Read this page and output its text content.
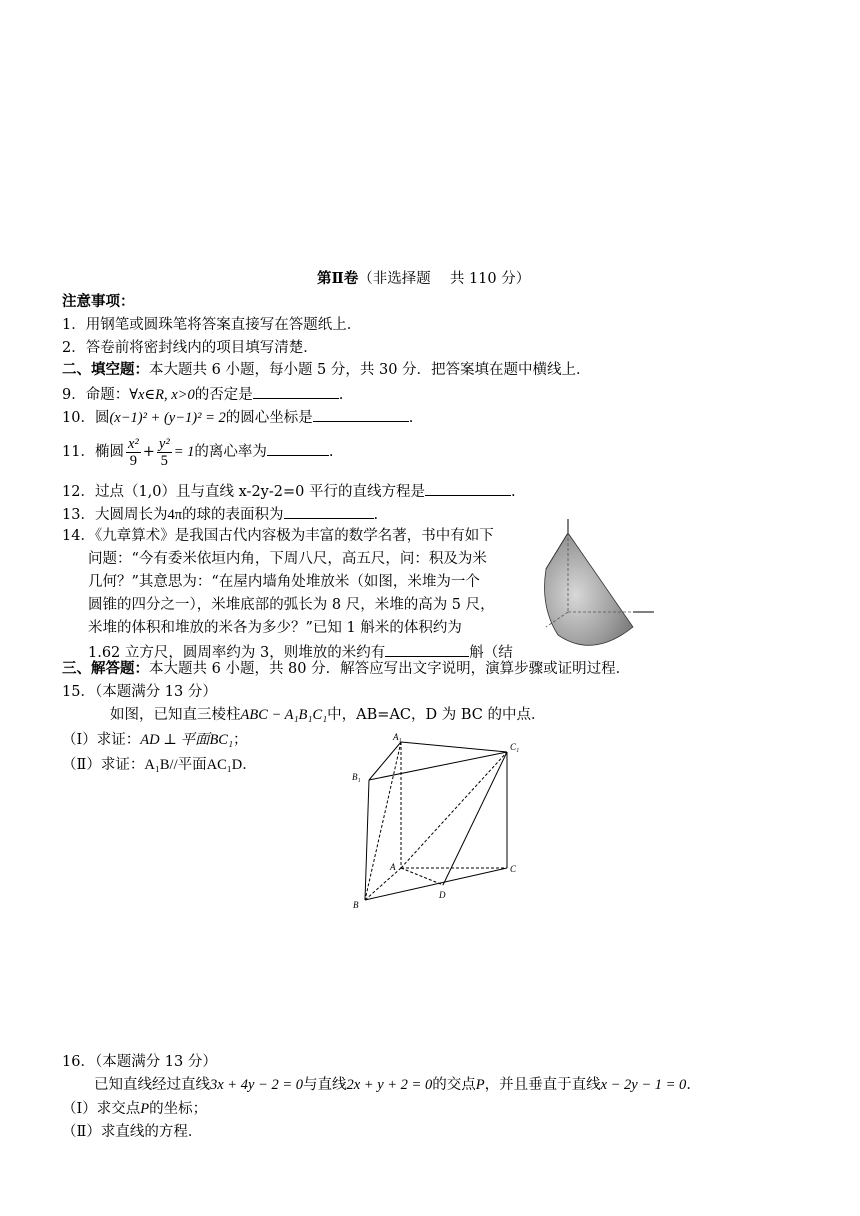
第Ⅱ卷（非选择题　 共 110 分）
注意事项：
1．用钢笔或圆珠笔将答案直接写在答题纸上．
2．答卷前将密封线内的项目填写清楚．
二、填空题：本大题共 6 小题，每小题 5 分，共 30 分．把答案填在题中横线上．
9．命题：∀x∈R, x>0的否定是	.
10．圆(x−1)² + (y−1)² = 2的圆心坐标是	.
11．椭圆 $\frac{\text{x²}}{9} + \frac{\text{y²}}{5} = 1$的离心率为	.
12．过点（1,0）且与直线 x-2y-2=0 平行的直线方程是	.
13．大圆周长为4π的球的表面积为	.
14．《九章算术》是我国古代内容极为丰富的数学名著，书中有如下
问题：“今有委米依垣内角，下周八尺，高五尺，问：积及为米
几何？”其意思为：“在屋内墙角处堆放米（如图，米堆为一个
圆锥的四分之一），米堆底部的弧长为 8 尺，米堆的高为 5 尺，
米堆的体积和堆放的米各为多少？”已知 1 斛米的体积约为
1.62 立方尺，圆周率约为 3，则堆放的米约有	斛（结
三、解答题：本大题共 6 小题，共 80 分．解答应写出文字说明，演算步骤或证明过程．
15．（本题满分 13 分）
如图，已知直三棱柱ABC − A₁B₁C₁中，AB=AC，D 为 BC 的中点．
（Ⅰ）求证：AD ⊥ 平面BC₁；
（Ⅱ）求证：A₁B//平面AC₁D．
A₁
C₁
B₁
A	C
B
D
16．（本题满分 13 分）
已知直线经过直线3x + 4y − 2 = 0与直线2x + y + 2 = 0的交点P，并且垂直于直线x − 2y − 1 = 0．
（Ⅰ）求交点P的坐标；
（Ⅱ）求直线的方程．
